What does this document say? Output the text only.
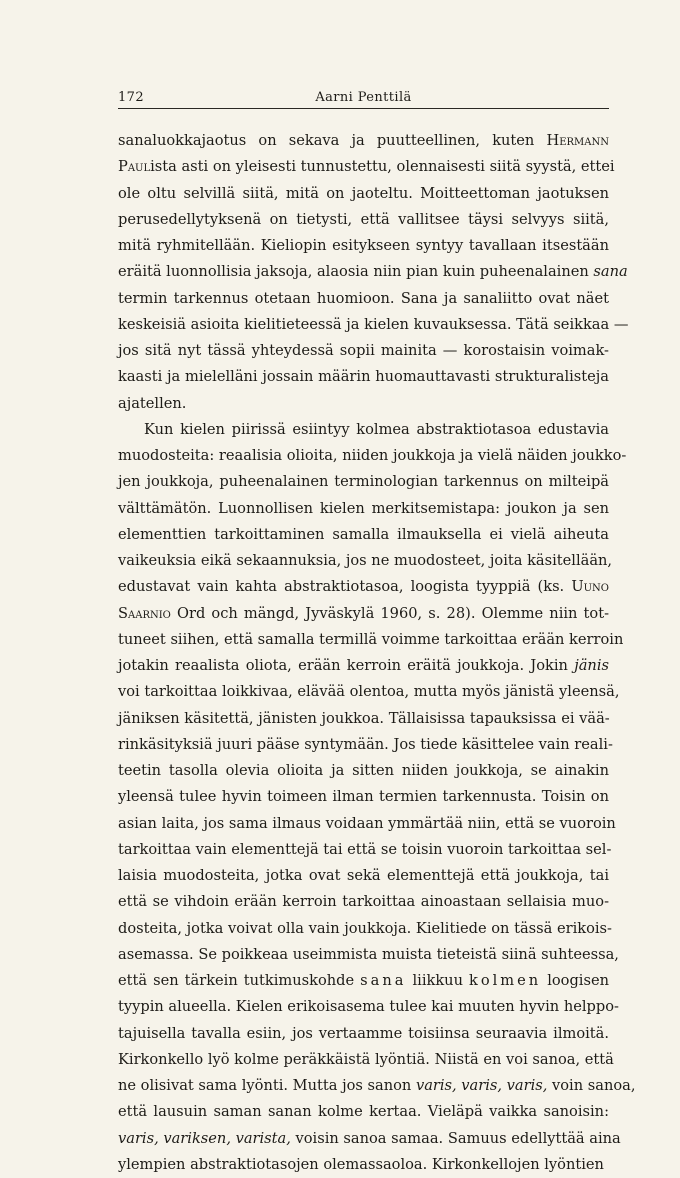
172	Aarni Penttilä
sanaluokkajaotus on sekava ja puutteellinen, kuten Hermann
Paulista asti on yleisesti tunnustettu, olennaisesti siitä syystä, ettei
ole oltu selvillä siitä, mitä on jaoteltu. Moitteettoman jaotuksen
perusedellytyksenä on tietysti, että vallitsee täysi selvyys siitä,
mitä ryhmitellään. Kieliopin esitykseen syntyy tavallaan itsestään
eräitä luonnollisia jaksoja, alaosia niin pian kuin puheenalainen sana
termin tarkennus otetaan huomioon. Sana ja sanaliitto ovat näet
keskeisiä asioita kielitieteessä ja kielen kuvauksessa. Tätä seikkaa —
jos sitä nyt tässä yhteydessä sopii mainita — korostaisin voimak-
kaasti ja mielelläni jossain määrin huomauttavasti strukturalisteja
ajatellen.
Kun kielen piirissä esiintyy kolmea abstraktiotasoa edustavia
muodosteita: reaalisia olioita, niiden joukkoja ja vielä näiden joukko-
jen joukkoja, puheenalainen terminologian tarkennus on milteipä
välttämätön. Luonnollisen kielen merkitsemistapa: joukon ja sen
elementtien tarkoittaminen samalla ilmauksella ei vielä aiheuta
vaikeuksia eikä sekaannuksia, jos ne muodosteet, joita käsitellään,
edustavat vain kahta abstraktiotasoa, loogista tyyppiä (ks. Uuno
Saarnio Ord och mängd, Jyväskylä 1960, s. 28). Olemme niin tot-
tuneet siihen, että samalla termillä voimme tarkoittaa erään kerroin
jotakin reaalista oliota, erään kerroin eräitä joukkoja. Jokin jänis
voi tarkoittaa loikkivaa, elävää olentoa, mutta myös jänistä yleensä,
jäniksen käsitettä, jänisten joukkoa. Tällaisissa tapauksissa ei vää-
rinkäsityksiä juuri pääse syntymään. Jos tiede käsittelee vain reali-
teetin tasolla olevia olioita ja sitten niiden joukkoja, se ainakin
yleensä tulee hyvin toimeen ilman termien tarkennusta. Toisin on
asian laita, jos sama ilmaus voidaan ymmärtää niin, että se vuoroin
tarkoittaa vain elementtejä tai että se toisin vuoroin tarkoittaa sel-
laisia muodosteita, jotka ovat sekä elementtejä että joukkoja, tai
että se vihdoin erään kerroin tarkoittaa ainoastaan sellaisia muo-
dosteita, jotka voivat olla vain joukkoja. Kielitiede on tässä erikois-
asemassa. Se poikkeaa useimmista muista tieteistä siinä suhteessa,
että sen tärkein tutkimuskohde sana liikkuu kolmen loogisen
tyypin alueella. Kielen erikoisasema tulee kai muuten hyvin helppo-
tajuisella tavalla esiin, jos vertaamme toisiinsa seuraavia ilmoitä.
Kirkonkello lyö kolme peräkkäistä lyöntiä. Niistä en voi sanoa, että
ne olisivat sama lyönti. Mutta jos sanon varis, varis, varis, voin sanoa,
että lausuin saman sanan kolme kertaa. Vieläpä vaikka sanoisin:
varis, variksen, varista, voisin sanoa samaa. Samuus edellyttää aina
ylempien abstraktiotasojen olemassaoloa. Kirkonkellojen lyöntien
